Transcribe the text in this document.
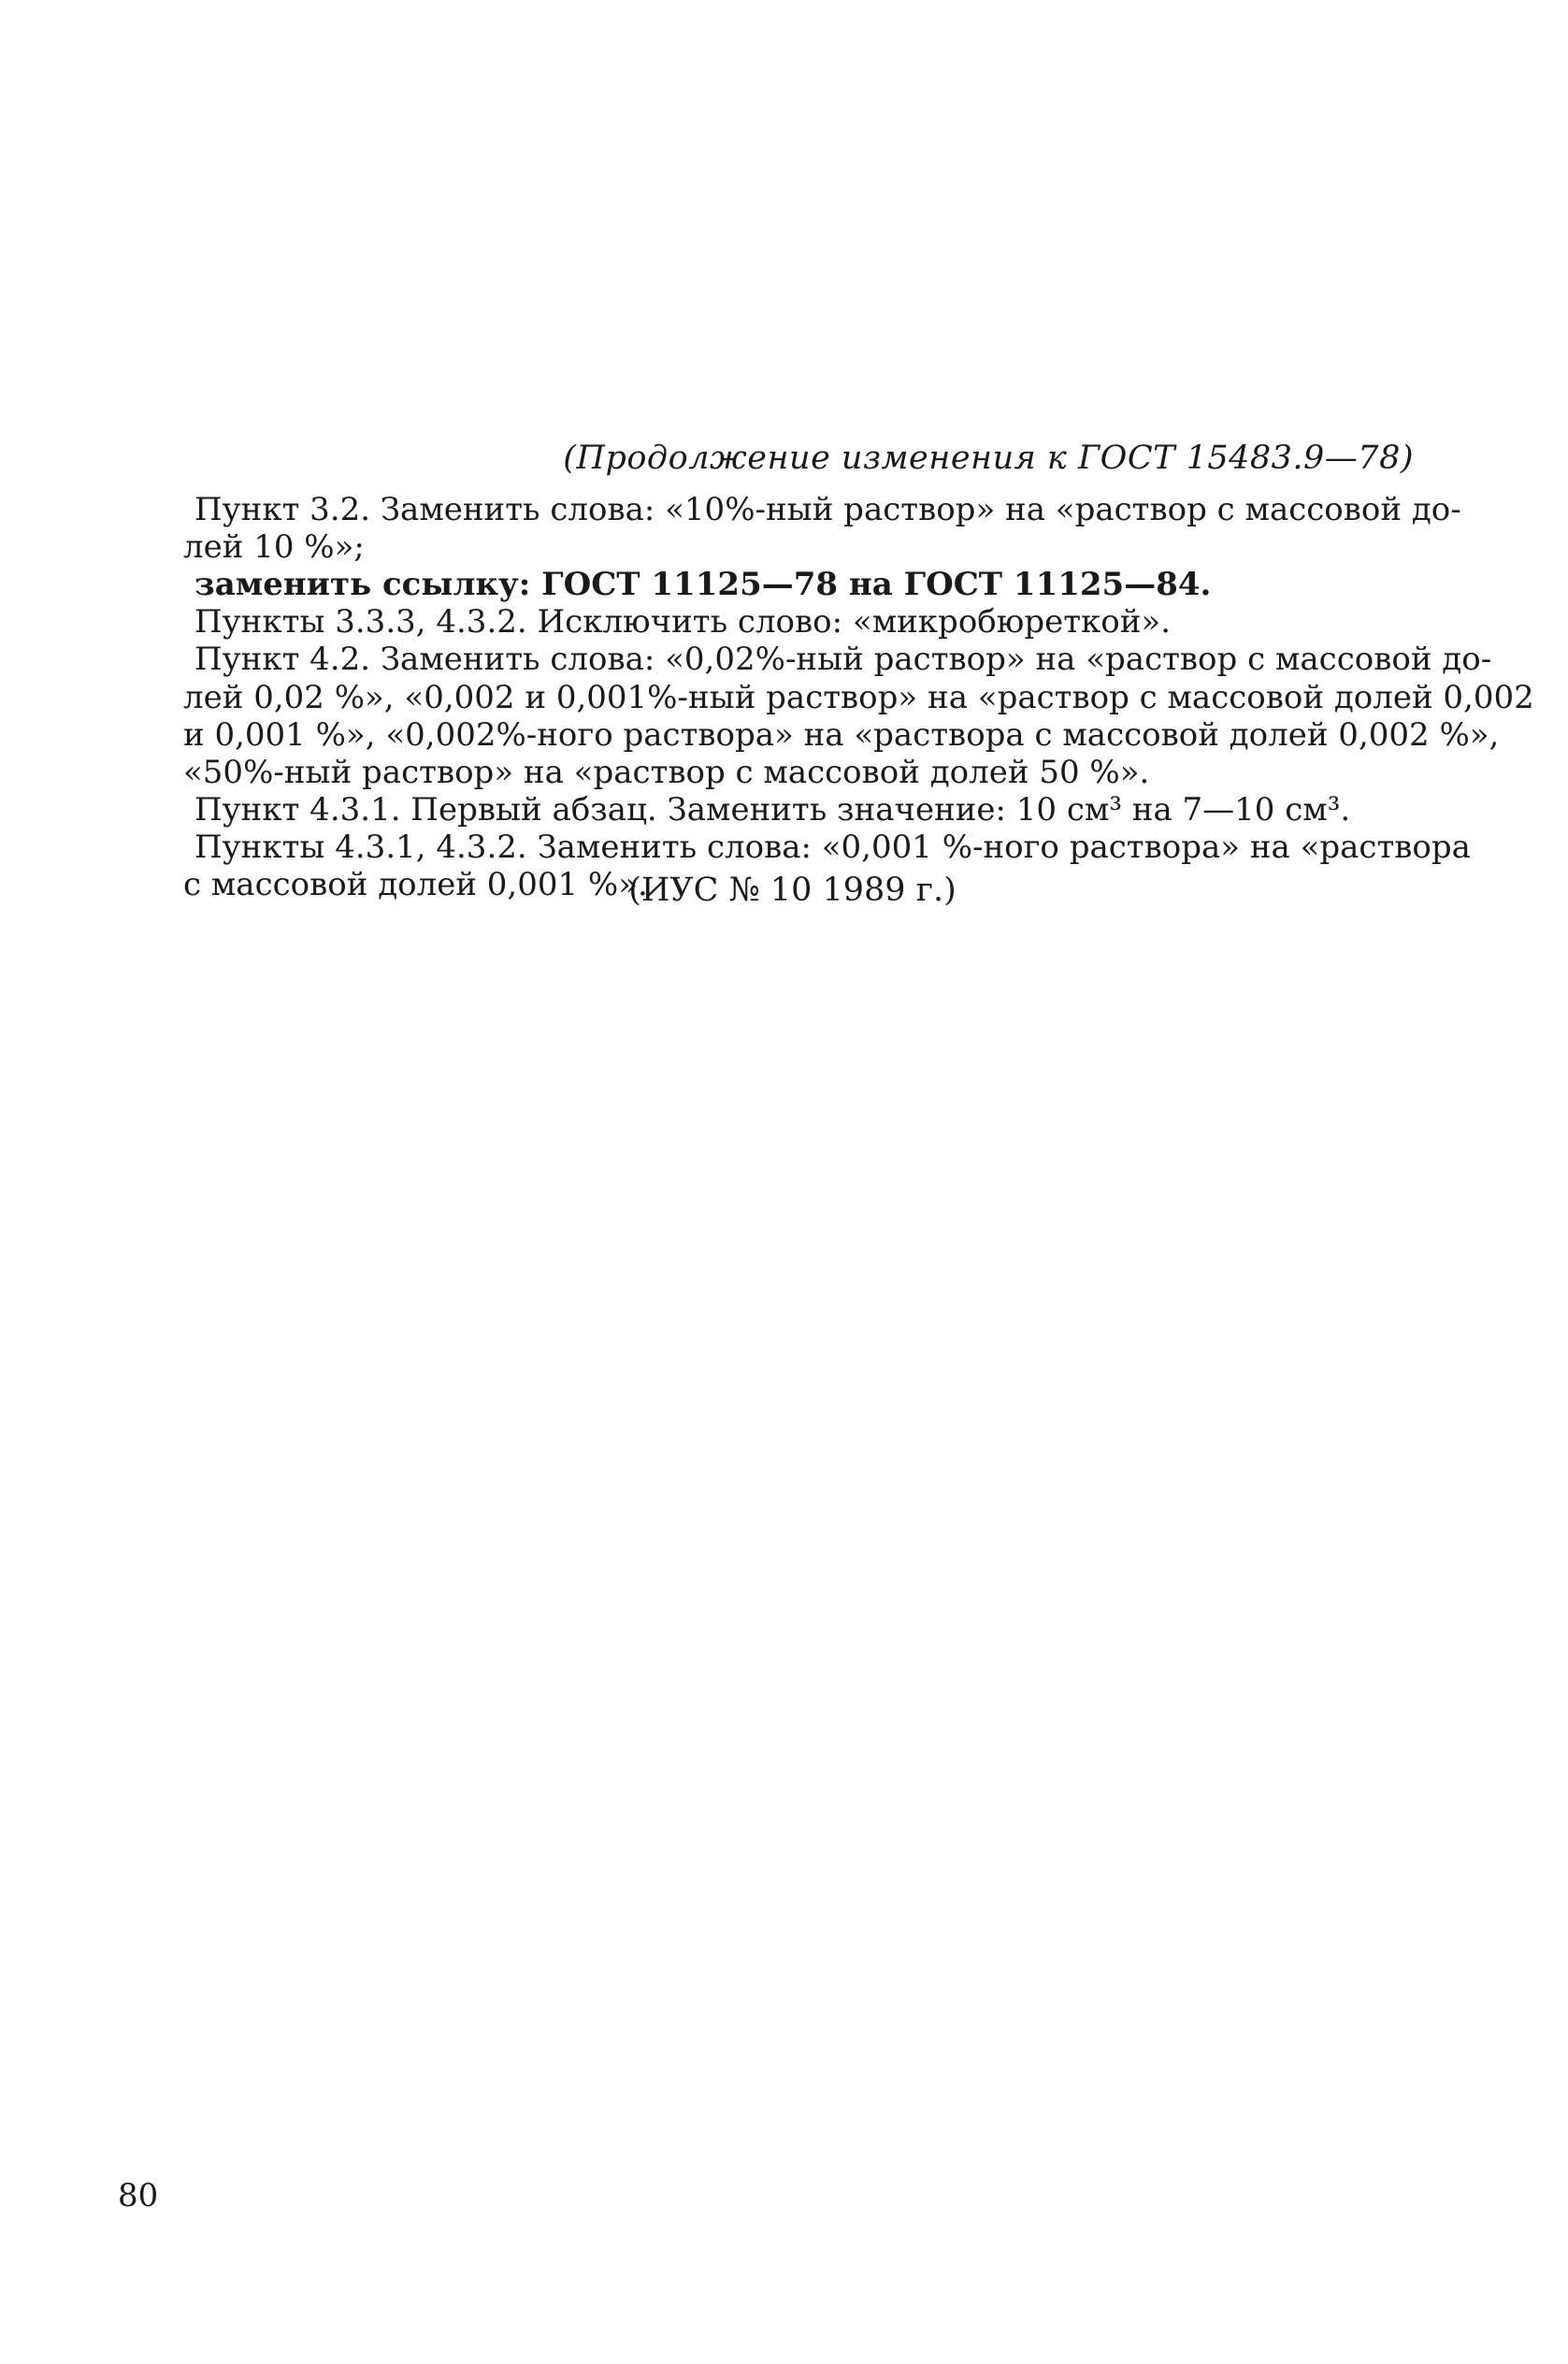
(Продолжение изменения к ГОСТ 15483.9—78)
Пункт 3.2. Заменить слова: «10%-ный раствор» на «раствор с массовой до-
лей 10 %»;
заменить ссылку: ГОСТ 11125—78 на ГОСТ 11125—84.
Пункты 3.3.3, 4.3.2. Исключить слово: «микробюреткой».
Пункт 4.2. Заменить слова: «0,02%-ный раствор» на «раствор с массовой до-
лей 0,02 %», «0,002 и 0,001%-ный раствор» на «раствор с массовой долей 0,002
и 0,001 %», «0,002%-ного раствора» на «раствора с массовой долей 0,002 %»,
«50%-ный раствор» на «раствор с массовой долей 50 %».
Пункт 4.3.1. Первый абзац. Заменить значение: 10 см³ на 7—10 см³.
Пункты 4.3.1, 4.3.2. Заменить слова: «0,001 %-ного раствора» на «раствора
с массовой долей 0,001 %».
(ИУС № 10 1989 г.)
80
